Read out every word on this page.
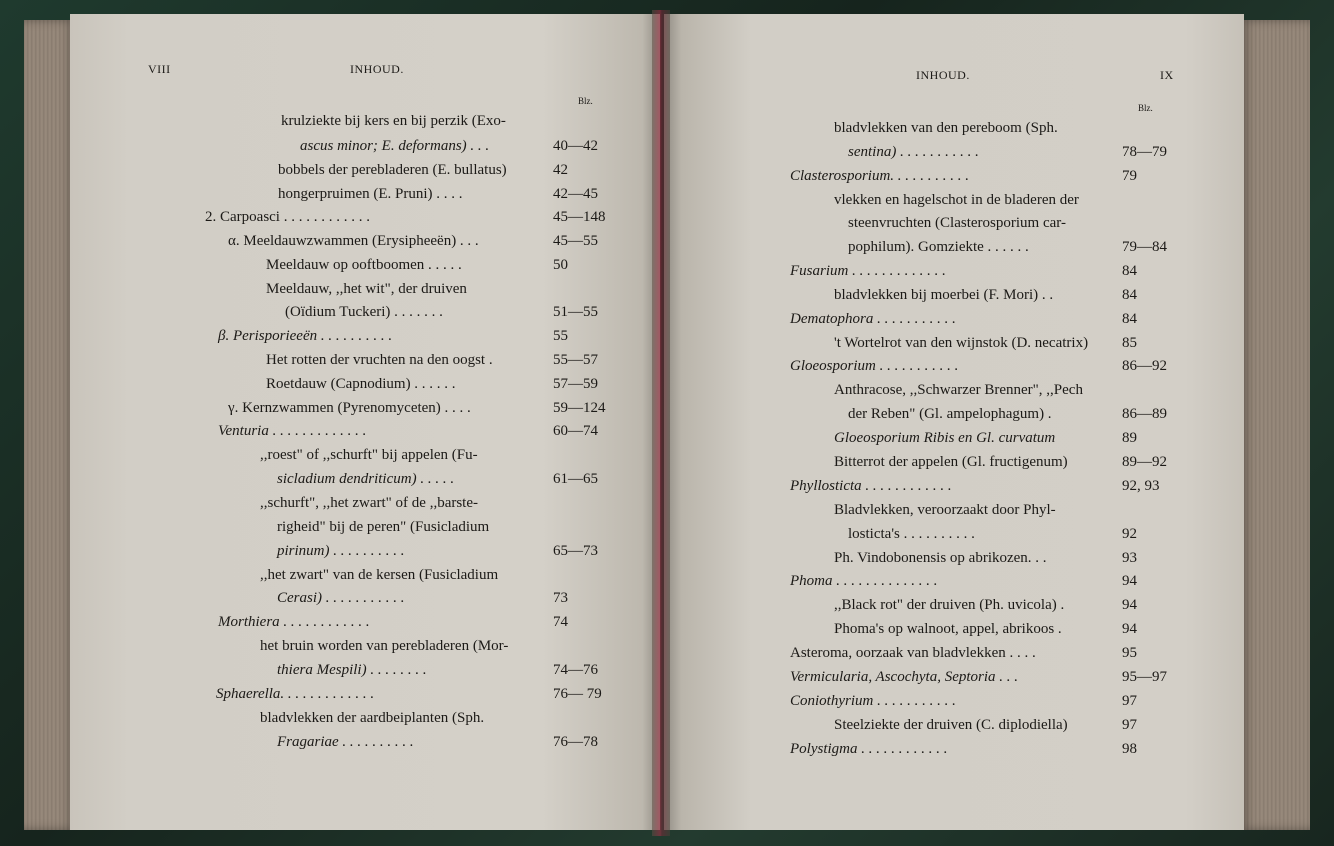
VIII	INHOUD.
Blz.
INHOUD.	IX
Blz.
krulziekte bij kers en bij perzik (Exo-
ascus minor; E. deformans) . . .	40—42
bobbels der perebladeren (E. bullatus)	42
hongerpruimen (E. Pruni) . . . .	42—45
2. Carpoasci . . . . . . . . . . . .	45—148
α. Meeldauwzwammen (Erysipheeën) . . .	45—55
Meeldauw op ooftboomen . . . . .	50
Meeldauw, ,,het wit", der druiven
(Oïdium Tuckeri) . . . . . . .	51—55
β. Perisporieeën . . . . . . . . . .	55
Het rotten der vruchten na den oogst .	55—57
Roetdauw (Capnodium) . . . . . .	57—59
γ. Kernzwammen (Pyrenomyceten) . . . .	59—124
Venturia . . . . . . . . . . . . .	60—74
,,roest" of ,,schurft" bij appelen (Fu-
sicladium dendriticum) . . . . .	61—65
,,schurft", ,,het zwart" of de ,,barste-
righeid" bij de peren" (Fusicladium
pirinum) . . . . . . . . . .	65—73
,,het zwart" van de kersen (Fusicladium
Cerasi) . . . . . . . . . . .	73
Morthiera . . . . . . . . . . . .	74
het bruin worden van perebladeren (Mor-
thiera Mespili) . . . . . . . .	74—76
Sphaerella. . . . . . . . . . . . .	76— 79
bladvlekken der aardbeiplanten (Sph.
Fragariae . . . . . . . . . .	76—78
bladvlekken van den pereboom (Sph.
sentina) . . . . . . . . . . .	78—79
Clasterosporium. . . . . . . . . . .	79
vlekken en hagelschot in de bladeren der
steenvruchten (Clasterosporium car-
pophilum). Gomziekte . . . . . .	79—84
Fusarium . . . . . . . . . . . . .	84
bladvlekken bij moerbei (F. Mori) . .	84
Dematophora . . . . . . . . . . .	84
't Wortelrot van den wijnstok (D. necatrix) 85
Gloeosporium . . . . . . . . . . .	86—92
Anthracose, ,,Schwarzer Brenner", ,,Pech
der Reben" (Gl. ampelophagum) .	86—89
Gloeosporium Ribis en Gl. curvatum	89
Bitterrot der appelen (Gl. fructigenum)	89—92
Phyllosticta . . . . . . . . . . . .	92, 93
Bladvlekken, veroorzaakt door Phyl-
losticta's . . . . . . . . . .	92
Ph. Vindobonensis op abrikozen. . .	93
Phoma . . . . . . . . . . . . . .	94
,,Black rot" der druiven (Ph. uvicola) .	94
Phoma's op walnoot, appel, abrikoos .	94
Asteroma, oorzaak van bladvlekken . . . .	95
Vermicularia, Ascochyta, Septoria . . .	95—97
Coniothyrium . . . . . . . . . . .	97
Steelziekte der druiven (C. diplodiella)	97
Polystigma . . . . . . . . . . . .	98
